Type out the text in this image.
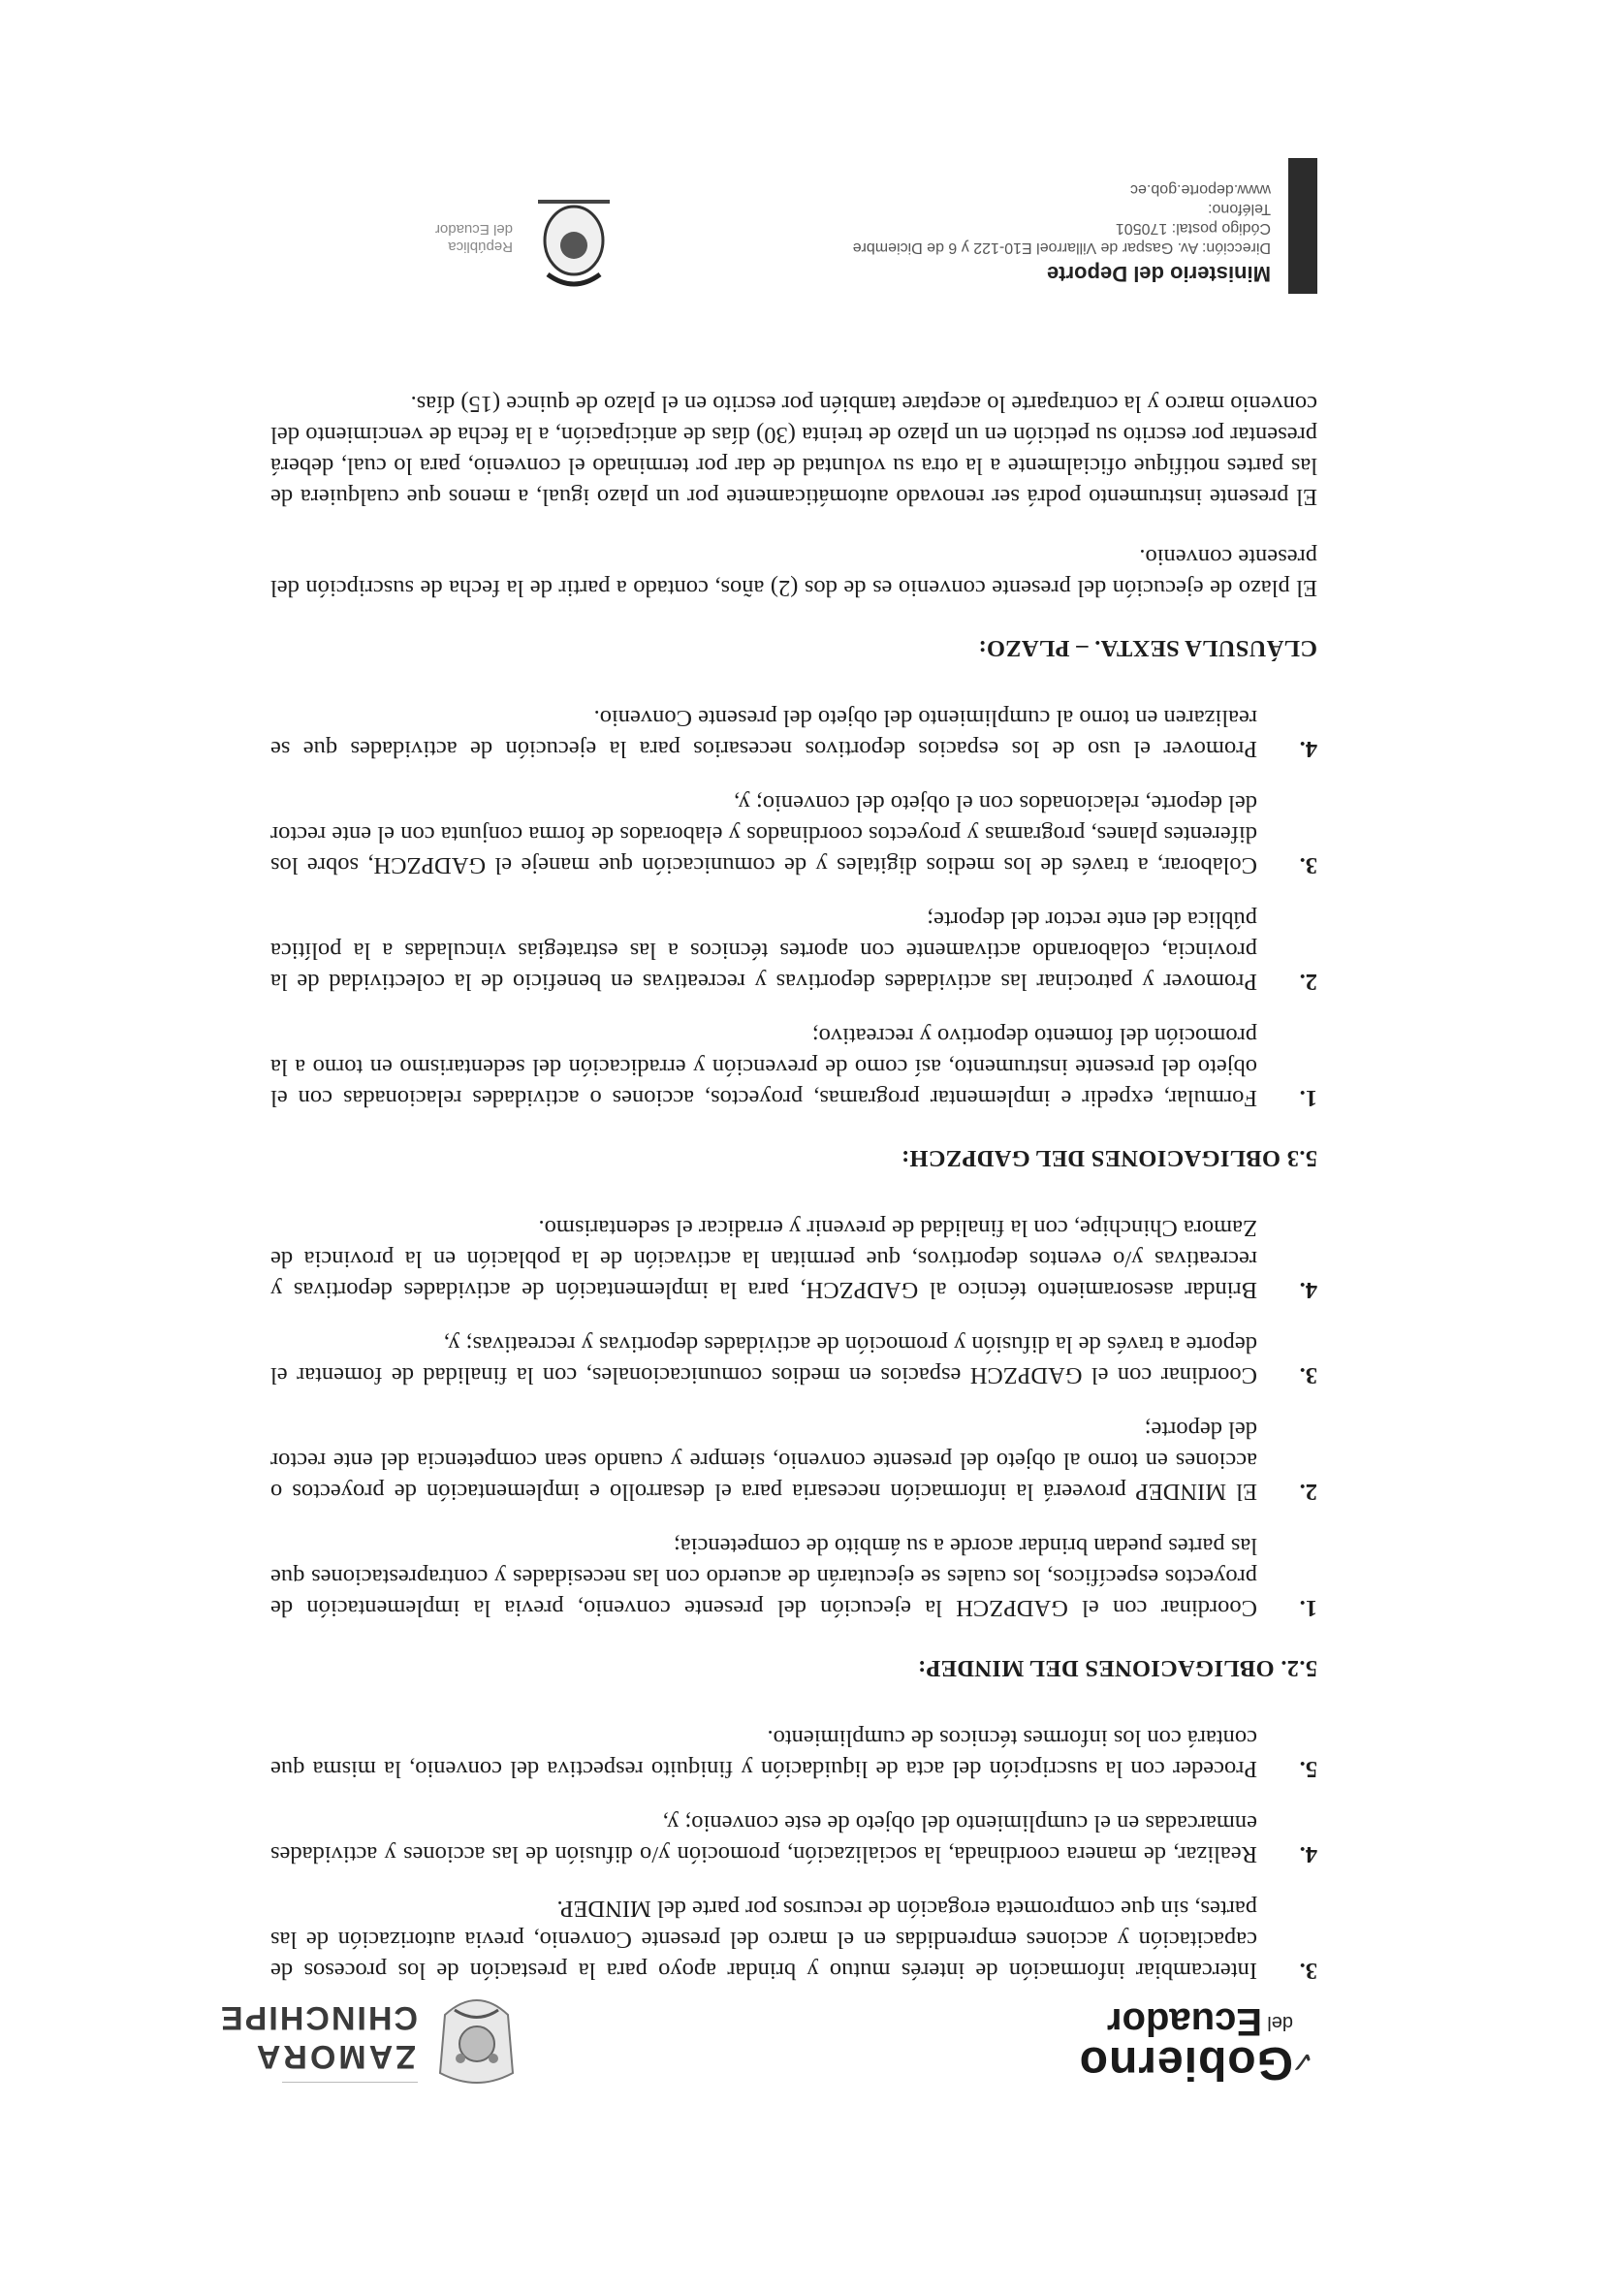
✓
Gobierno
del
Ecuador
ZAMORA
CHINCHIPE
3.
Intercambiar información de interés mutuo y brindar apoyo para la prestación de los procesos de capacitación y acciones emprendidas en el marco del presente Convenio, previa autorización de las partes, sin que comprometa erogación de recursos por parte del MINDEP.
4.
Realizar, de manera coordinada, la socialización, promoción y/o difusión de las acciones y actividades enmarcadas en el cumplimiento del objeto de este convenio; y,
5.
Proceder con la suscripción del acta de liquidación y finiquito respectiva del convenio, la misma que contará con los informes técnicos de cumplimiento.
5.2. OBLIGACIONES DEL MINDEP:
1.
Coordinar con el GADPZCH la ejecución del presente convenio, previa la implementación de proyectos específicos, los cuales se ejecutarán de acuerdo con las necesidades y contraprestaciones que las partes puedan brindar acorde a su ámbito de competencia;
2.
El MINDEP proveerá la información necesaria para el desarrollo e implementación de proyectos o acciones en torno al objeto del presente convenio, siempre y cuando sean competencia del ente rector del deporte;
3.
Coordinar con el GADPZCH espacios en medios comunicacionales, con la finalidad de fomentar el deporte a través de la difusión y promoción de actividades deportivas y recreativas; y,
4.
Brindar asesoramiento técnico al GADPZCH, para la implementación de actividades deportivas y recreativas y/o eventos deportivos, que permitan la activación de la población en la provincia de Zamora Chinchipe, con la finalidad de prevenir y erradicar el sedentarismo.
5.3 OBLIGACIONES DEL GADPZCH:
1.
Formular, expedir e implementar programas, proyectos, acciones o actividades relacionadas con el objeto del presente instrumento, así como de prevención y erradicación del sedentarismo en torno a la promoción del fomento deportivo y recreativo;
2.
Promover y patrocinar las actividades deportivas y recreativas en beneficio de la colectividad de la provincia, colaborando activamente con aportes técnicos a las estrategias vinculadas a la política pública del ente rector del deporte;
3.
Colaborar, a través de los medios digitales y de comunicación que maneje el GADPZCH, sobre los diferentes planes, programas y proyectos coordinados y elaborados de forma conjunta con el ente rector del deporte, relacionados con el objeto del convenio; y,
4.
Promover el uso de los espacios deportivos necesarios para la ejecución de actividades que se realizaren en torno al cumplimiento del objeto del presente Convenio.
CLÁUSULA SEXTA. – PLAZO:
El plazo de ejecución del presente convenio es de dos (2) años, contado a partir de la fecha de suscripción del presente convenio.
El presente instrumento podrá ser renovado automáticamente por un plazo igual, a menos que cualquiera de las partes notifique oficialmente a la otra su voluntad de dar por terminado el convenio, para lo cual, deberá presentar por escrito su petición en un plazo de treinta (30) días de anticipación, a la fecha de vencimiento del convenio marco y la contraparte lo aceptare también por escrito en el plazo de quince (15) días.
Ministerio del Deporte
Dirección: Av. Gaspar de Villarroel E10-122 y 6 de Diciembre
Código postal: 170501
Teléfono:
www.deporte.gob.ec
República
del Ecuador
